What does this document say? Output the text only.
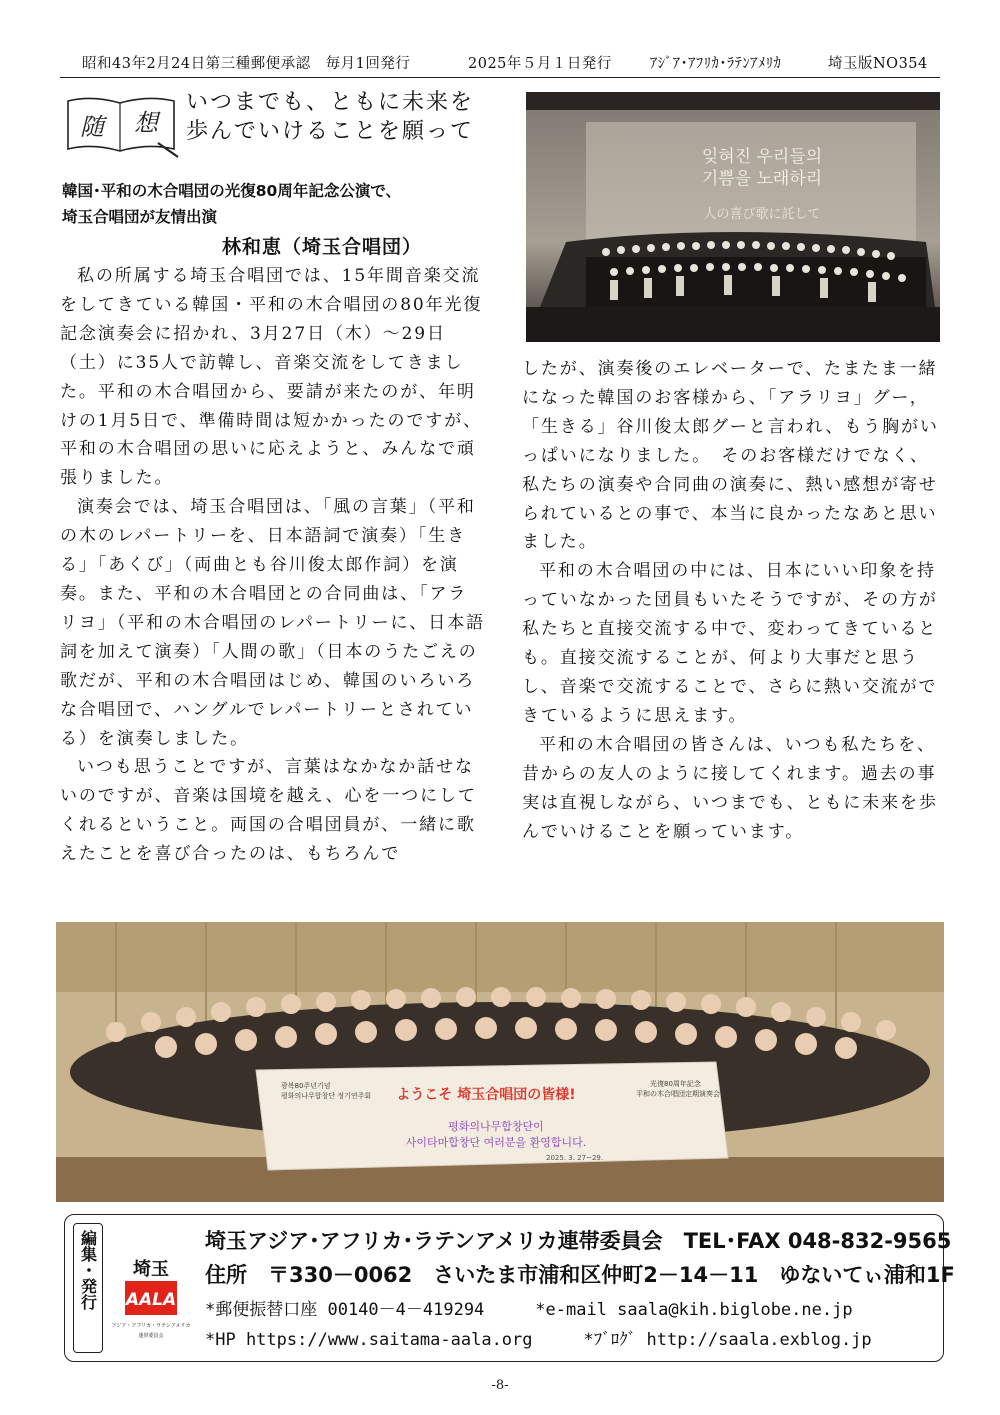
昭和43年2月24日第三種郵便承認　毎月1回発行	2025年５月１日発行	ｱｼﾞｱ･ｱﾌﾘｶ･ﾗﾃﾝｱﾒﾘｶ	埼玉版NO354
随 想
いつまでも、ともに未来を
歩んでいけることを願って
韓国･平和の木合唱団の光復80周年記念公演で、
埼玉合唱団が友情出演
林和恵（埼玉合唱団）
私の所属する埼玉合唱団では、15年間音楽交流をしてきている韓国・平和の木合唱団の80年光復記念演奏会に招かれ、3月27日（木）～29日（土）に35人で訪韓し、音楽交流をしてきました。平和の木合唱団から、要請が来たのが、年明けの1月5日で、準備時間は短かかったのですが、平和の木合唱団の思いに応えようと、みんなで頑張りました。
演奏会では、埼玉合唱団は、「風の言葉」（平和の木のレパートリーを、日本語詞で演奏）「生きる」「あくび」（両曲とも谷川俊太郎作詞）を演奏。また、平和の木合唱団との合同曲は、「アラリヨ」（平和の木合唱団のレパートリーに、日本語詞を加えて演奏）「人間の歌」（日本のうたごえの歌だが、平和の木合唱団はじめ、韓国のいろいろな合唱団で、ハングルでレパートリーとされている）を演奏しました。
いつも思うことですが、言葉はなかなか話せないのですが、音楽は国境を越え、心を一つにしてくれるということ。両国の合唱団員が、一緒に歌えたことを喜び合ったのは、もちろんで
잊혀진 우리들의
기쁨을 노래하리
人の喜び歌に託して
したが、演奏後のエレベーターで、たまたま一緒になった韓国のお客様から、「アラリヨ」グー，「生きる」谷川俊太郎グーと言われ、もう胸がいっぱいになりました。　そのお客様だけでなく、私たちの演奏や合同曲の演奏に、熱い感想が寄せられているとの事で、本当に良かったなあと思いました。
平和の木合唱団の中には、日本にいい印象を持っていなかった団員もいたそうですが、その方が私たちと直接交流する中で、変わってきているとも。直接交流することが、何より大事だと思うし、音楽で交流することで、さらに熱い交流ができているように思えます。
平和の木合唱団の皆さんは、いつも私たちを、昔からの友人のように接してくれます。過去の事実は直視しながら、いつまでも、ともに未来を歩んでいけることを願っています。
광복80주년기념
평화의나무합창단 정기연주회 ようこそ 埼玉合唱団の皆様!
光復80周年記念
平和の木合唱団定期演奏会
평화의나무합창단이
사이타마합창단 여러분을 환영합니다.
2025. 3. 27~29.
編集・発行 埼玉
AALA
アジア・アフリカ・ラテンアメリカ
連帯委員会
埼玉アジア･アフリカ･ラテンアメリカ連帯委員会　TEL･FAX 048-832-9565
住所　〒330－0062　さいたま市浦和区仲町2－14－11　ゆないてぃ浦和1F
*郵便振替口座 00140－4－419294　　　*e-mail saala@kih.biglobe.ne.jp
*HP https://www.saitama-aala.org　　　*ﾌﾞﾛｸﾞ http://saala.exblog.jp
-8-
